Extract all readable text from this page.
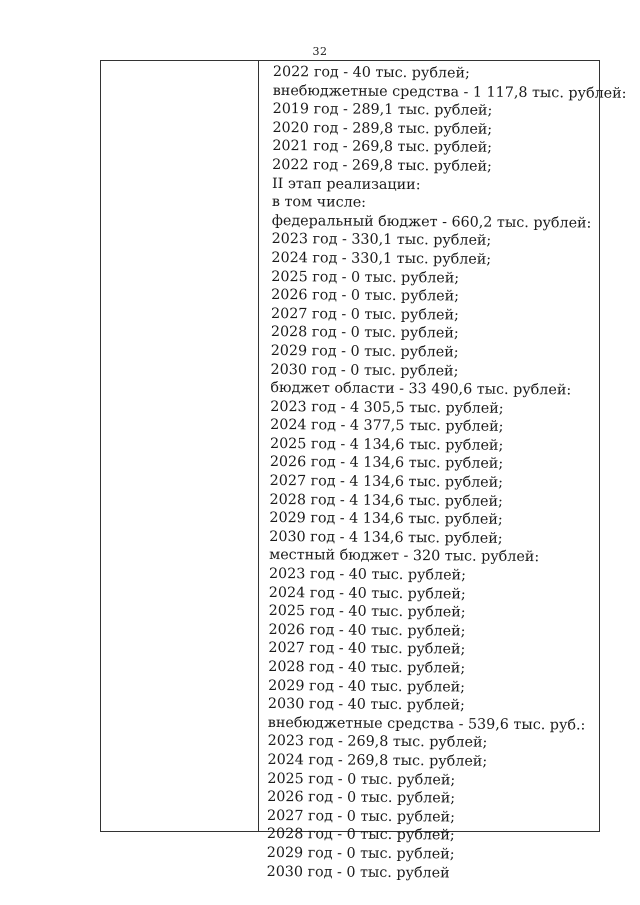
32
2022 год - 40 тыс. рублей;
внебюджетные средства - 1 117,8 тыс. рублей:
2019 год - 289,1 тыс. рублей;
2020 год - 289,8 тыс. рублей;
2021 год - 269,8 тыс. рублей;
2022 год - 269,8 тыс. рублей;
II этап реализации:
в том числе:
федеральный бюджет - 660,2 тыс. рублей:
2023 год - 330,1 тыс. рублей;
2024 год - 330,1 тыс. рублей;
2025 год - 0 тыс. рублей;
2026 год - 0 тыс. рублей;
2027 год - 0 тыс. рублей;
2028 год - 0 тыс. рублей;
2029 год - 0 тыс. рублей;
2030 год - 0 тыс. рублей;
бюджет области - 33 490,6 тыс. рублей:
2023 год - 4 305,5 тыс. рублей;
2024 год - 4 377,5 тыс. рублей;
2025 год - 4 134,6 тыс. рублей;
2026 год - 4 134,6 тыс. рублей;
2027 год - 4 134,6 тыс. рублей;
2028 год - 4 134,6 тыс. рублей;
2029 год - 4 134,6 тыс. рублей;
2030 год - 4 134,6 тыс. рублей;
местный бюджет - 320 тыс. рублей:
2023 год - 40 тыс. рублей;
2024 год - 40 тыс. рублей;
2025 год - 40 тыс. рублей;
2026 год - 40 тыс. рублей;
2027 год - 40 тыс. рублей;
2028 год - 40 тыс. рублей;
2029 год - 40 тыс. рублей;
2030 год - 40 тыс. рублей;
внебюджетные средства - 539,6 тыс. руб.:
2023 год - 269,8 тыс. рублей;
2024 год - 269,8 тыс. рублей;
2025 год - 0 тыс. рублей;
2026 год - 0 тыс. рублей;
2027 год - 0 тыс. рублей;
2028 год - 0 тыс. рублей;
2029 год - 0 тыс. рублей;
2030 год - 0 тыс. рублей
